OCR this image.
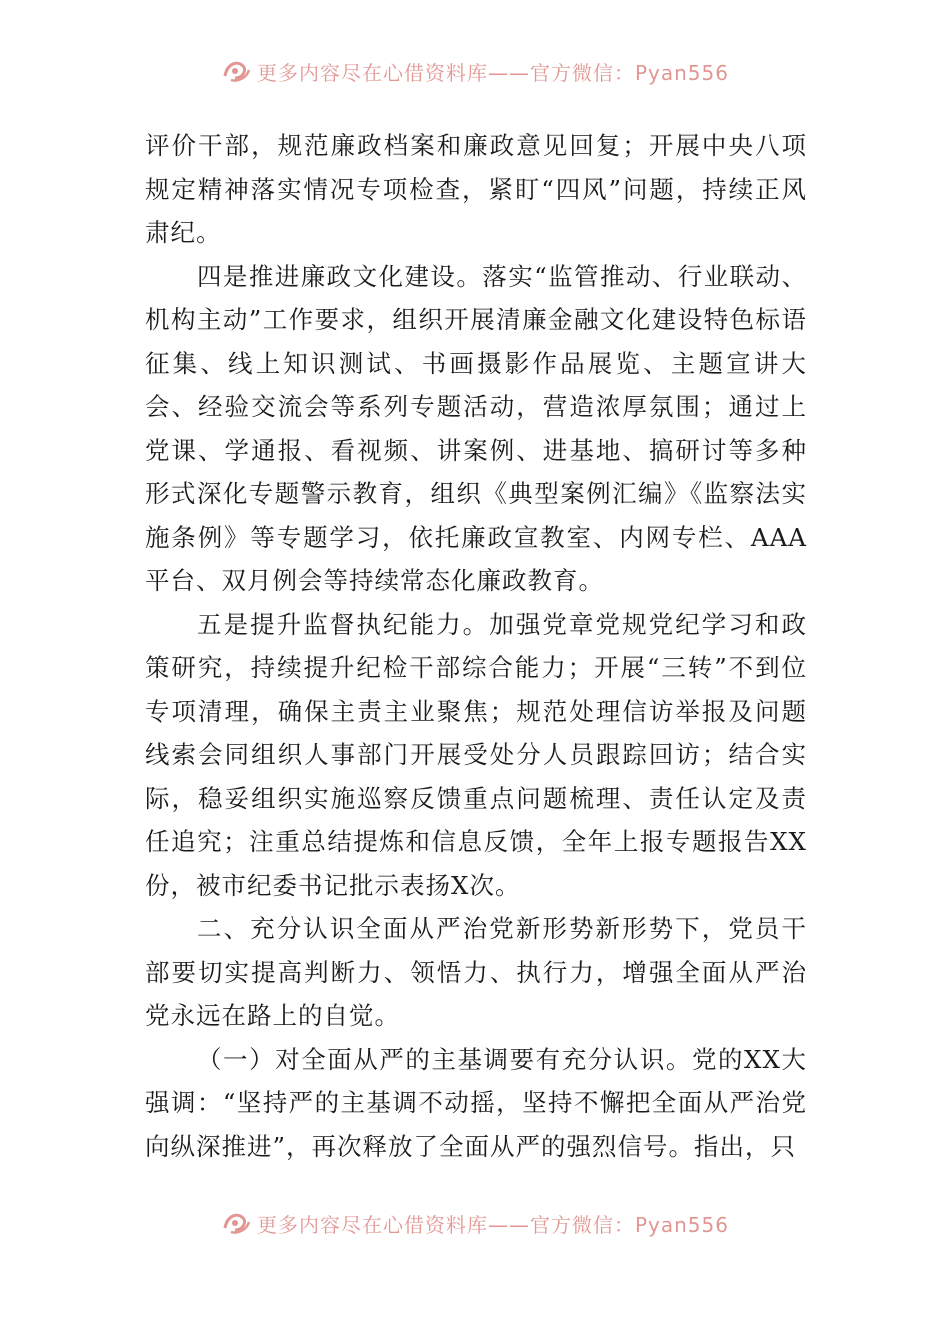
更多内容尽在心借资料库——官方微信：Pyan556

评价干部，规范廉政档案和廉政意见回复；开展中央八项规定精神落实情况专项检查，紧盯“四风”问题，持续正风肃纪。

四是推进廉政文化建设。落实“监管推动、行业联动、机构主动”工作要求，组织开展清廉金融文化建设特色标语征集、线上知识测试、书画摄影作品展览、主题宣讲大会、经验交流会等系列专题活动，营造浓厚氛围；通过上党课、学通报、看视频、讲案例、进基地、搞研讨等多种形式深化专题警示教育，组织《典型案例汇编》《监察法实施条例》等专题学习，依托廉政宣教室、内网专栏、AAA平台、双月例会等持续常态化廉政教育。

五是提升监督执纪能力。加强党章党规党纪学习和政策研究，持续提升纪检干部综合能力；开展“三转”不到位专项清理，确保主责主业聚焦；规范处理信访举报及问题线索会同组织人事部门开展受处分人员跟踪回访；结合实际，稳妥组织实施巡察反馈重点问题梳理、责任认定及责任追究；注重总结提炼和信息反馈，全年上报专题报告XX份，被市纪委书记批示表扬X次。

二、充分认识全面从严治党新形势新形势下，党员干部要切实提高判断力、领悟力、执行力，增强全面从严治党永远在路上的自觉。

（一）对全面从严的主基调要有充分认识。党的XX大强调：“坚持严的主基调不动摇，坚持不懈把全面从严治党向纵深推进”，再次释放了全面从严的强烈信号。指出，只

更多内容尽在心借资料库——官方微信：Pyan556
